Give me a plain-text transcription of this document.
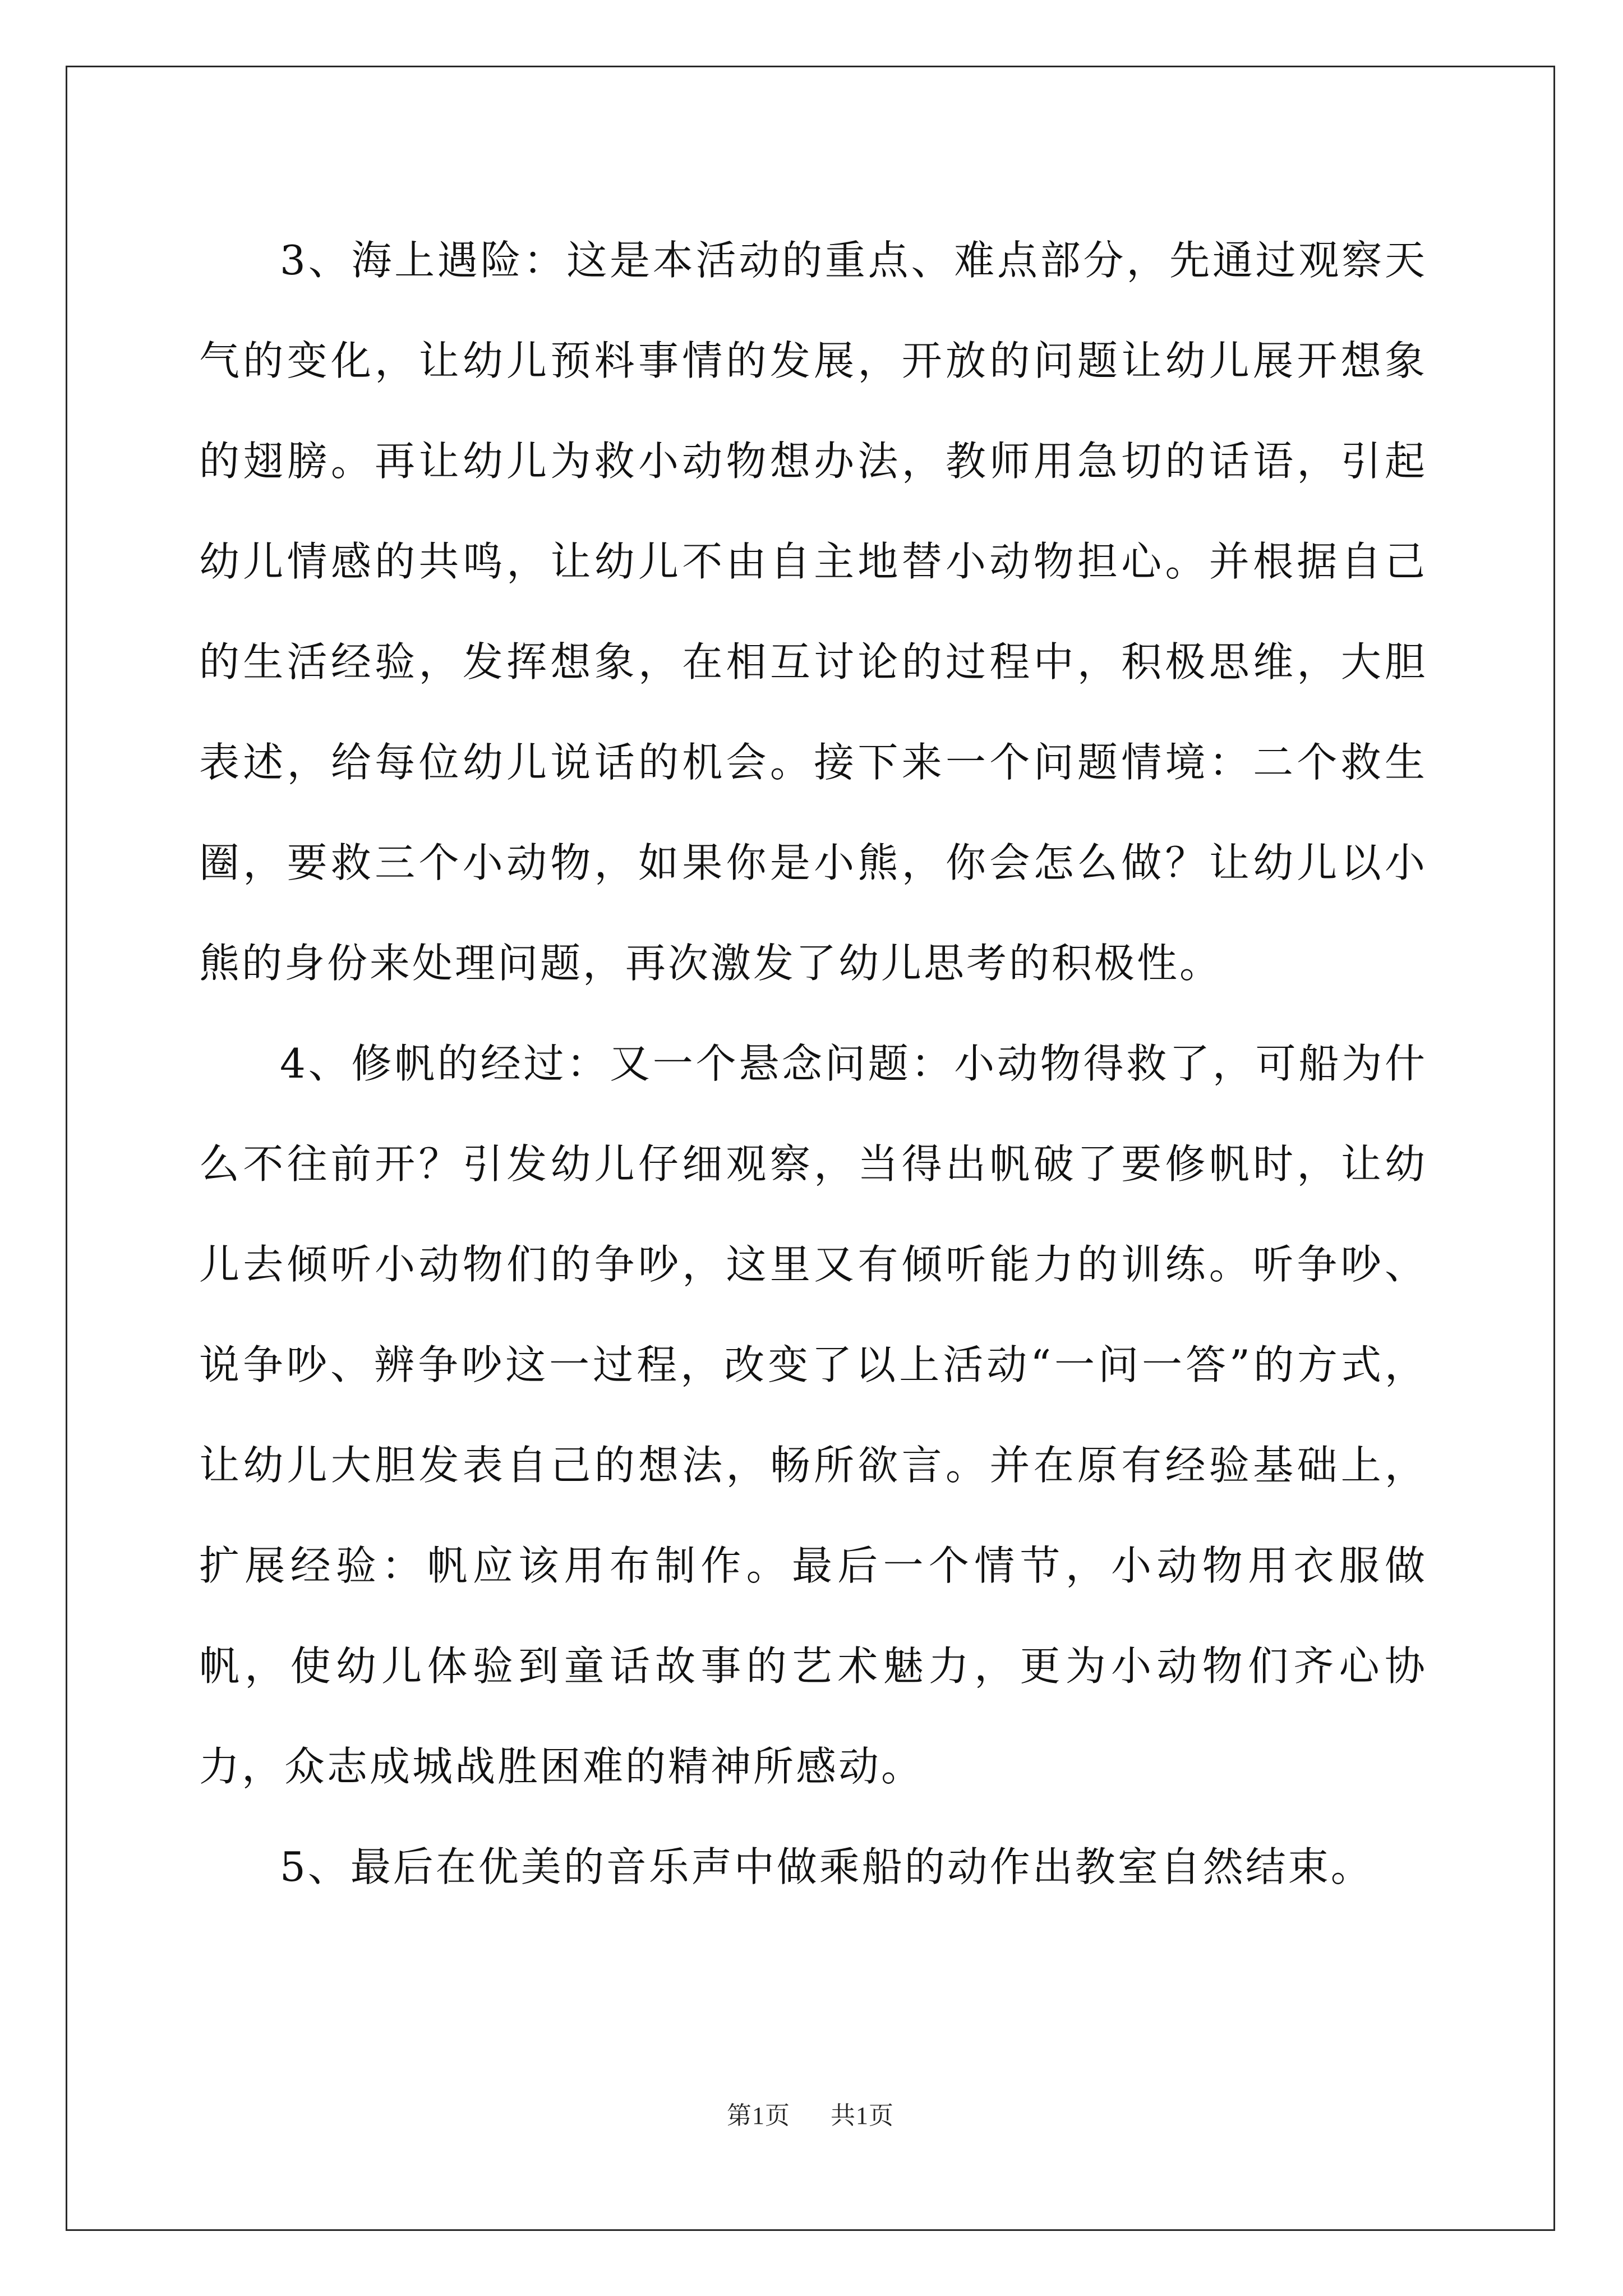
3、海上遇险：这是本活动的重点、难点部分，先通过观察天气的变化，让幼儿预料事情的发展，开放的问题让幼儿展开想象的翅膀。再让幼儿为救小动物想办法，教师用急切的话语，引起幼儿情感的共鸣，让幼儿不由自主地替小动物担心。并根据自己的生活经验，发挥想象，在相互讨论的过程中，积极思维，大胆表述，给每位幼儿说话的机会。接下来一个问题情境：二个救生圈，要救三个小动物，如果你是小熊，你会怎么做？让幼儿以小熊的身份来处理问题，再次激发了幼儿思考的积极性。

4、修帆的经过：又一个悬念问题：小动物得救了，可船为什么不往前开？引发幼儿仔细观察，当得出帆破了要修帆时，让幼儿去倾听小动物们的争吵，这里又有倾听能力的训练。听争吵、说争吵、辨争吵这一过程，改变了以上活动“一问一答”的方式，让幼儿大胆发表自己的想法，畅所欲言。并在原有经验基础上，扩展经验：帆应该用布制作。最后一个情节，小动物用衣服做帆，使幼儿体验到童话故事的艺术魅力，更为小动物们齐心协力，众志成城战胜困难的精神所感动。

5、最后在优美的音乐声中做乘船的动作出教室自然结束。

第1页 共1页
